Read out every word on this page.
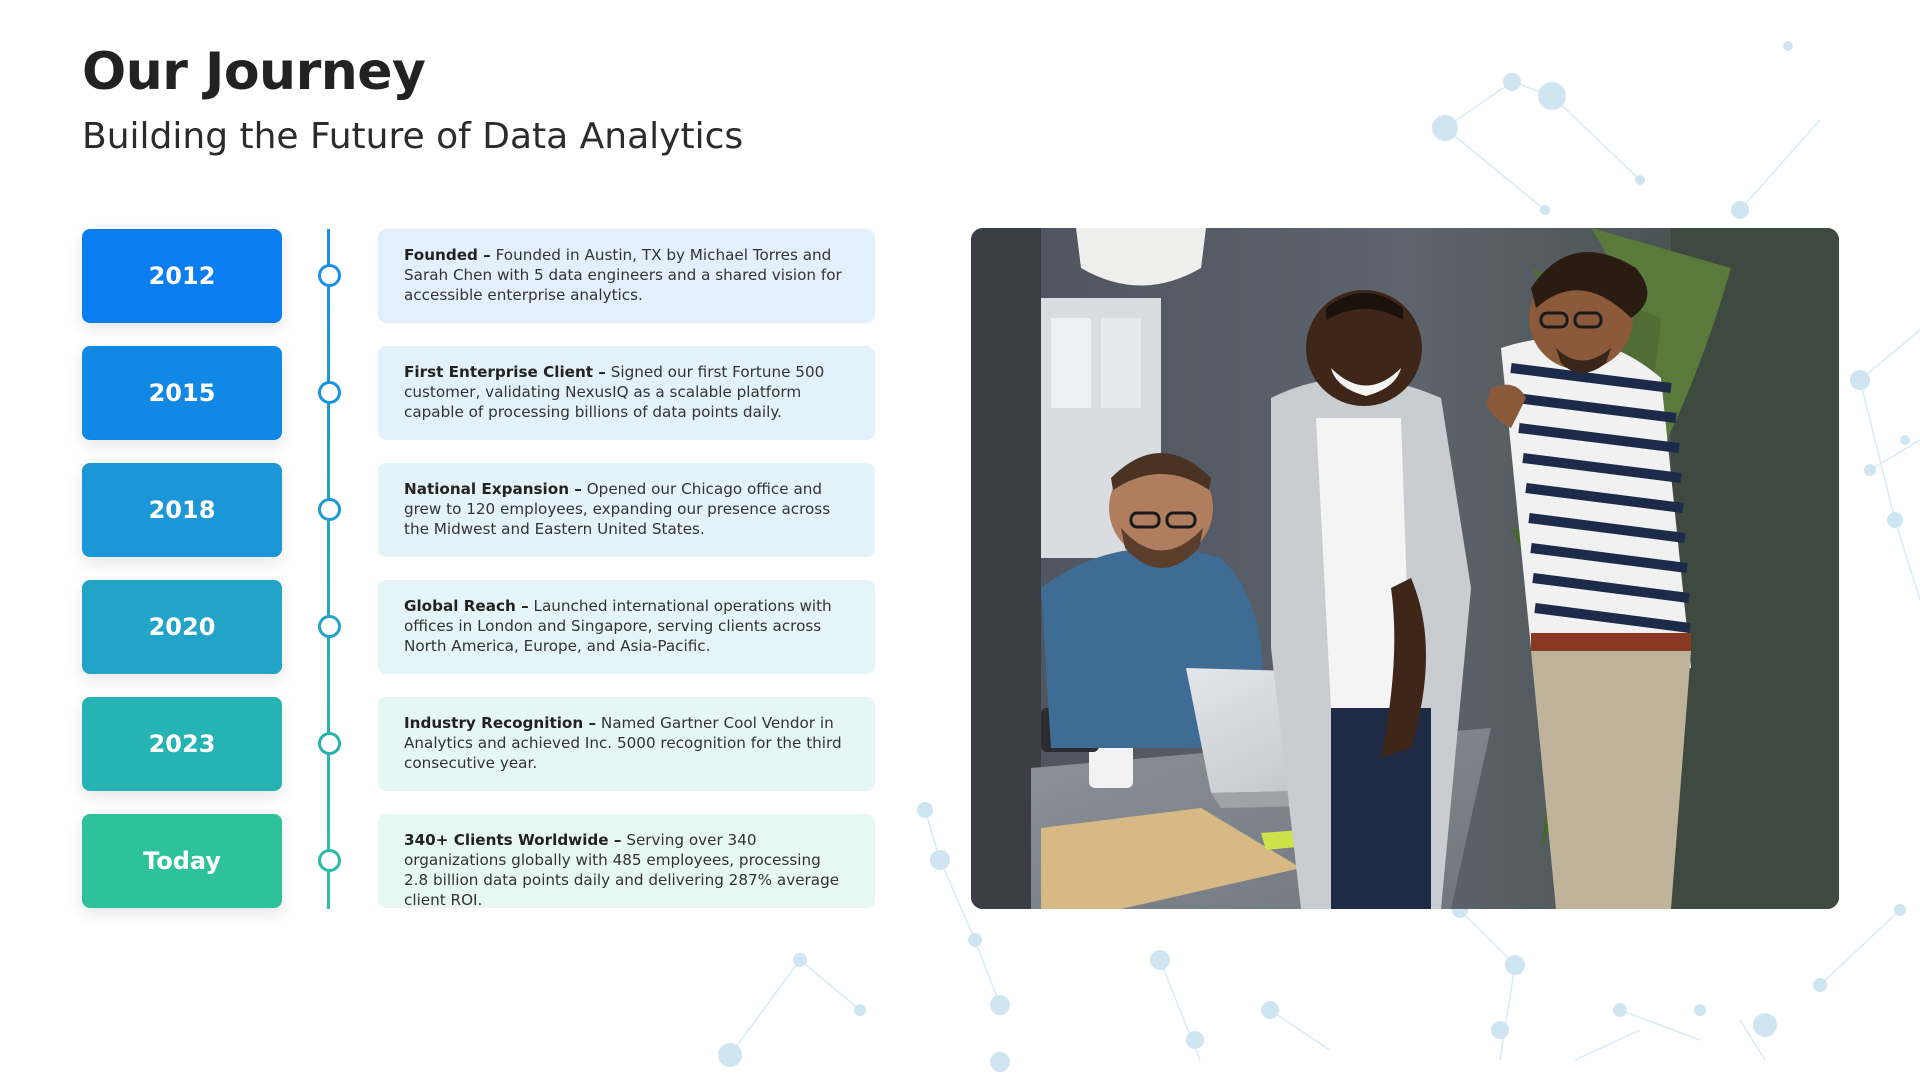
Our Journey
Building the Future of Data Analytics
2012
Founded – Founded in Austin, TX by Michael Torres and Sarah Chen with 5 data engineers and a shared vision for accessible enterprise analytics.
2015
First Enterprise Client – Signed our first Fortune 500 customer, validating NexusIQ as a scalable platform capable of processing billions of data points daily.
2018
National Expansion – Opened our Chicago office and grew to 120 employees, expanding our presence across the Midwest and Eastern United States.
2020
Global Reach – Launched international operations with offices in London and Singapore, serving clients across North America, Europe, and Asia-Pacific.
2023
Industry Recognition – Named Gartner Cool Vendor in Analytics and achieved Inc. 5000 recognition for the third consecutive year.
Today
340+ Clients Worldwide – Serving over 340 organizations globally with 485 employees, processing 2.8 billion data points daily and delivering 287% average client ROI.
